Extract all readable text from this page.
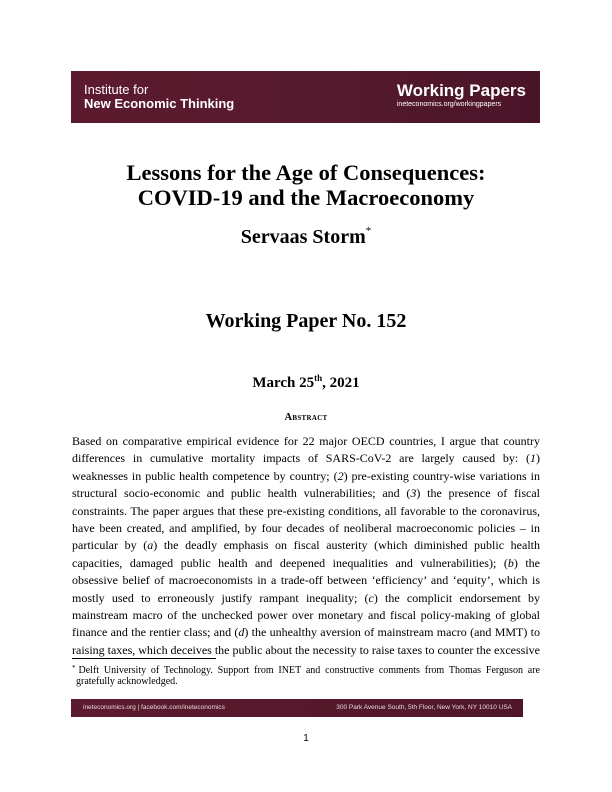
Institute for
New Economic Thinking
Working Papers
ineteconomics.org/workingpapers
Lessons for the Age of Consequences:
COVID-19 and the Macroeconomy
Servaas Storm*
Working Paper No. 152
March 25th, 2021
Abstract
Based on comparative empirical evidence for 22 major OECD countries, I argue that country
differences in cumulative mortality impacts of SARS-CoV-2 are largely caused by: (1)
weaknesses in public health competence by country; (2) pre-existing country-wise variations in
structural socio-economic and public health vulnerabilities; and (3) the presence of fiscal
constraints. The paper argues that these pre-existing conditions, all favorable to the coronavirus,
have been created, and amplified, by four decades of neoliberal macroeconomic policies – in
particular by (a) the deadly emphasis on fiscal austerity (which diminished public health
capacities, damaged public health and deepened inequalities and vulnerabilities); (b) the
obsessive belief of macroeconomists in a trade-off between ‘efficiency’ and ‘equity’, which is
mostly used to erroneously justify rampant inequality; (c) the complicit endorsement by
mainstream macro of the unchecked power over monetary and fiscal policy-making of global
finance and the rentier class; and (d) the unhealthy aversion of mainstream macro (and MMT) to
raising taxes, which deceives the public about the necessity to raise taxes to counter the excessive
* Delft University of Technology. Support from INET and constructive comments from Thomas Ferguson are
gratefully acknowledged.
ineteconomics.org | facebook.com/ineteconomics	300 Park Avenue South, 5th Floor, New York, NY 10010 USA
1
